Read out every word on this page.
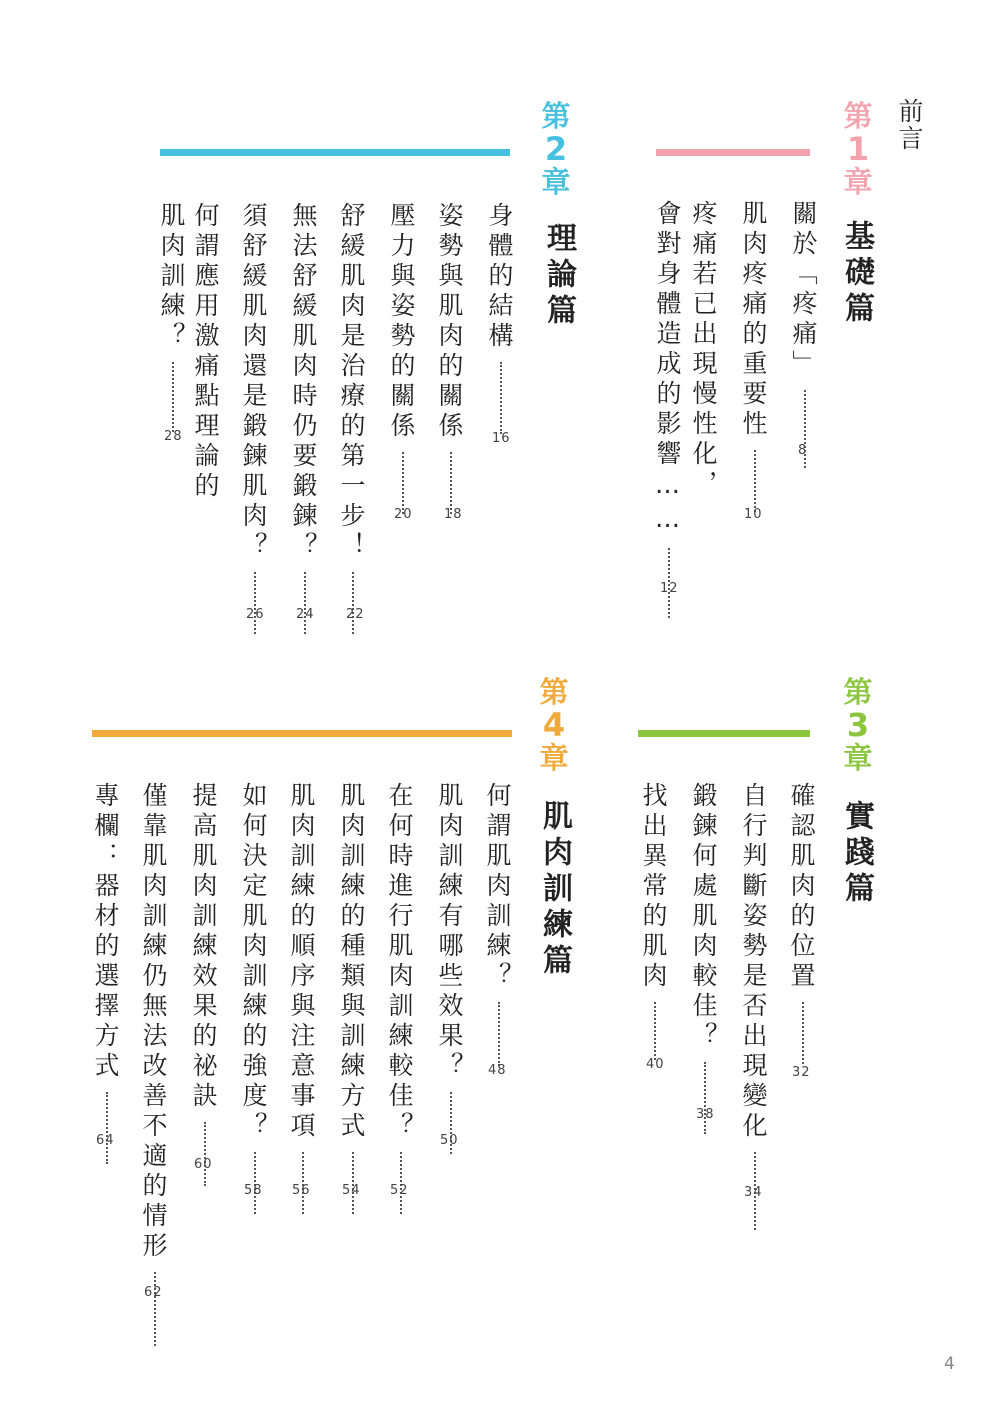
前言
第
1
章
基礎篇
關於「疼痛」
8
肌肉疼痛的重要性
10
疼痛若已出現慢性化，
會對身體造成的影響……
12
第
2
章
理論篇
身體的結構
16
姿勢與肌肉的關係
18
壓力與姿勢的關係
20
舒緩肌肉是治療的第一步！
22
無法舒緩肌肉時仍要鍛鍊？
24
須舒緩肌肉還是鍛鍊肌肉？
26
何謂應用激痛點理論的
肌肉訓練？
28
第
3
章
實踐篇
確認肌肉的位置
32
自行判斷姿勢是否出現變化
34
鍛鍊何處肌肉較佳？
38
找出異常的肌肉
40
第
4
章
肌肉訓練篇
何謂肌肉訓練？
48
肌肉訓練有哪些效果？
50
在何時進行肌肉訓練較佳？
52
肌肉訓練的種類與訓練方式
54
肌肉訓練的順序與注意事項
56
如何決定肌肉訓練的強度？
58
提高肌肉訓練效果的祕訣
60
僅靠肌肉訓練仍無法改善不適的情形
62
專欄：器材的選擇方式
64
4
